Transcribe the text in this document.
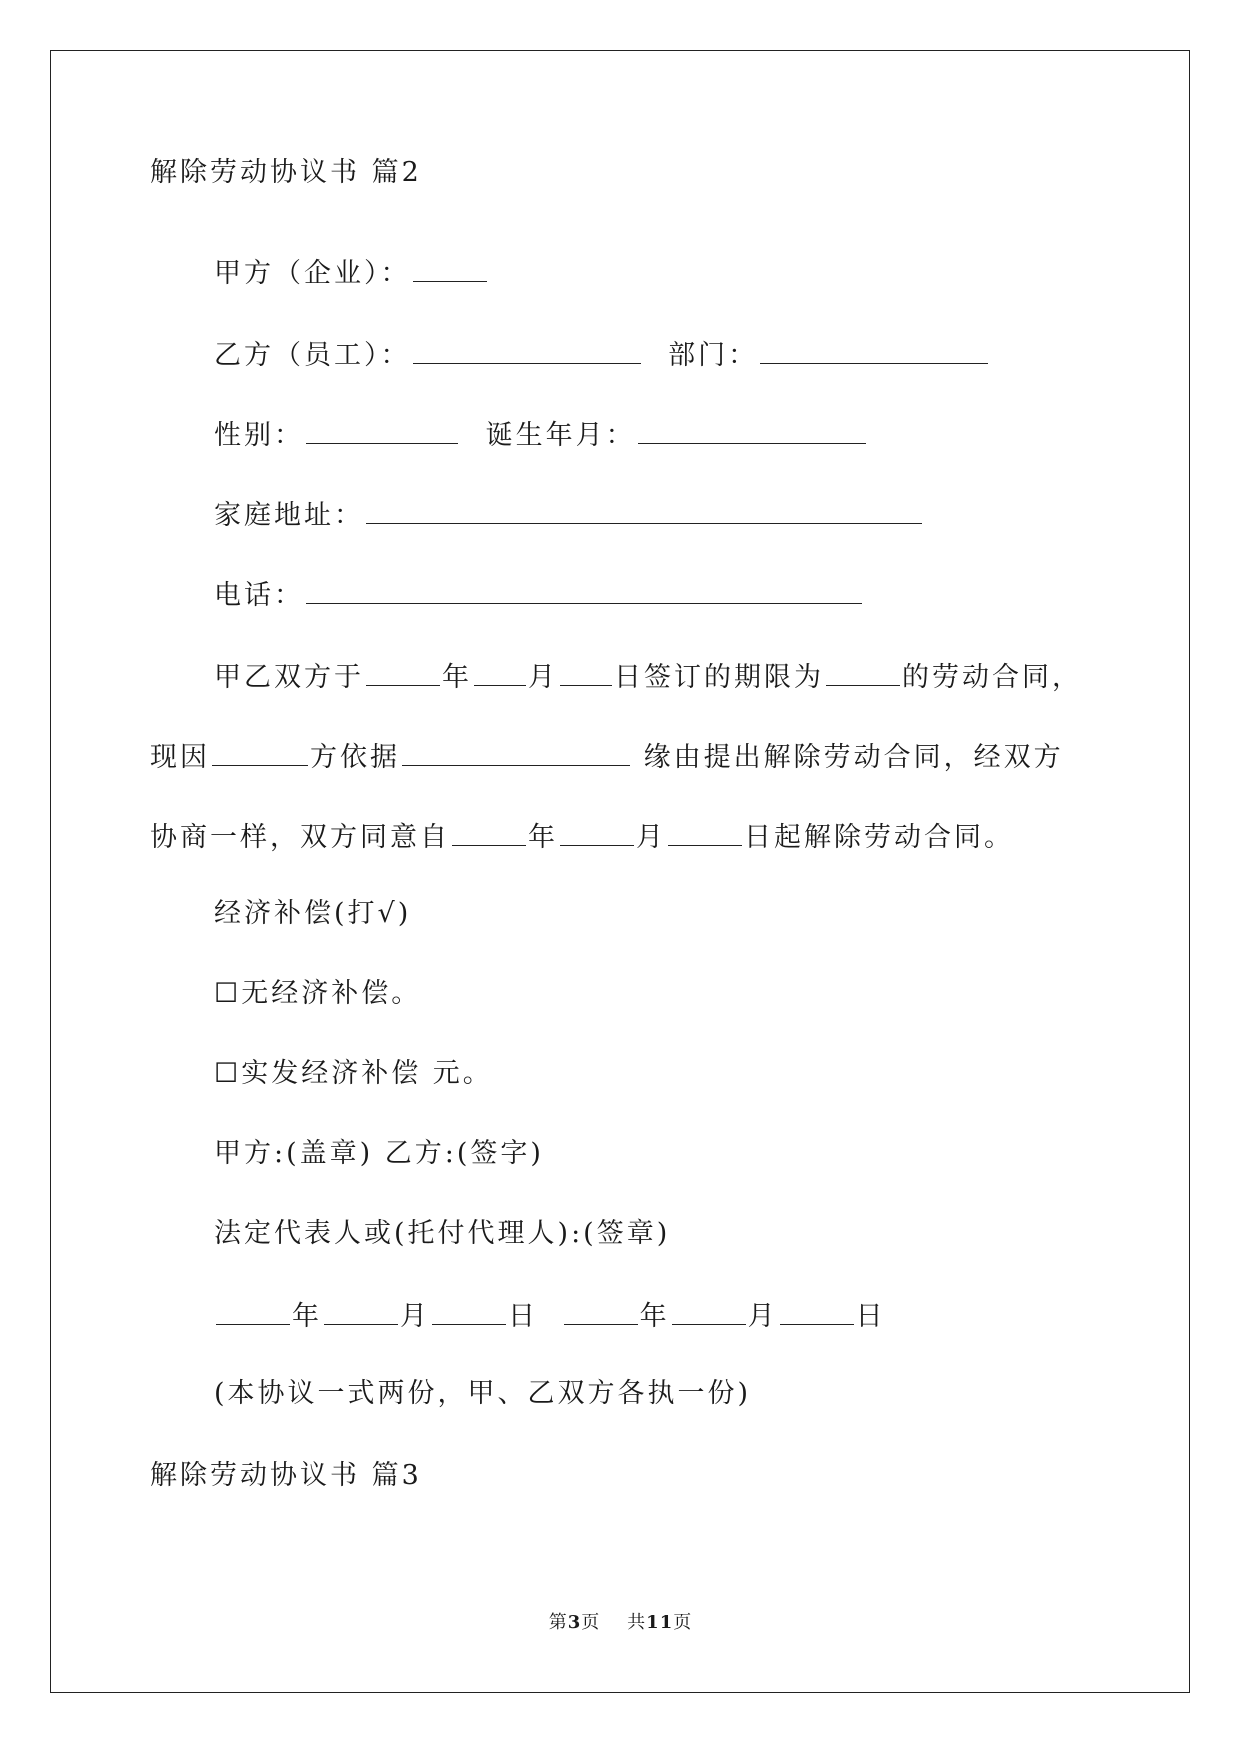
解除劳动协议书 篇2
甲方（企业）：
乙方（员工）：	部门：
性别：	诞生年月：
家庭地址：
电话：
甲乙双方于	年 月 日签订的期限为	的劳动合同，
现因	方依据	缘由提出解除劳动合同，经双方
协商一样，双方同意自	年	月	日起解除劳动合同。
经济补偿(打√)
☐无经济补偿。
☐实发经济补偿 元。
甲方:(盖章) 乙方:(签字)
法定代表人或(托付代理人):(签章)
年	月	日	年	月	日
(本协议一式两份，甲、乙双方各执一份)
解除劳动协议书 篇3
第3页    共11页
